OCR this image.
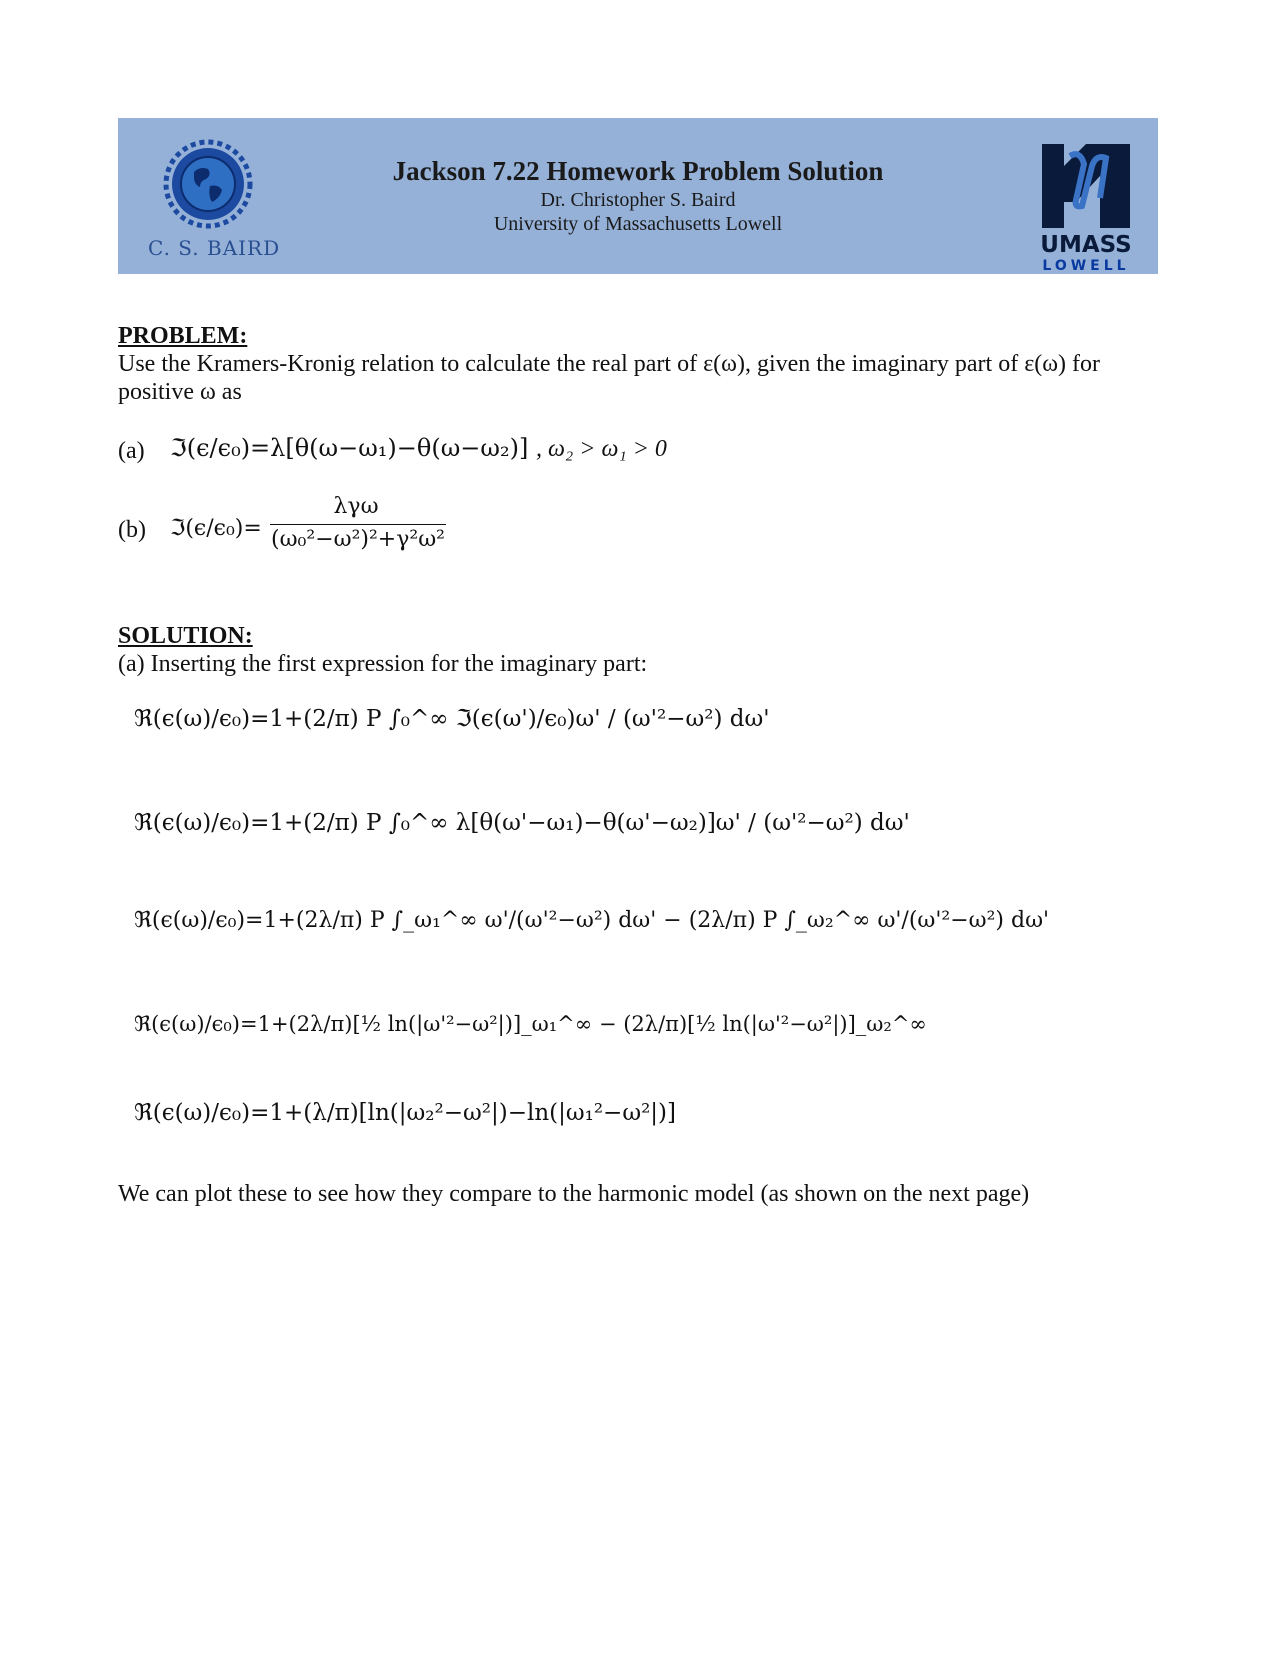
C. S. BAIRD
Jackson 7.22 Homework Problem Solution
Dr. Christopher S. Baird
University of Massachusetts Lowell
UMASS
LOWELL
PROBLEM:
Use the Kramers-Kronig relation to calculate the real part of ε(ω), given the imaginary part of ε(ω) for
positive ω as
(a) ℑ(ϵ/ϵ₀)=λ[θ(ω−ω₁)−θ(ω−ω₂)] , ω₂ > ω₁ > 0
(b) ℑ(ϵ/ϵ₀)=
λγω
(ω₀²−ω²)²+γ²ω²
SOLUTION:
(a) Inserting the first expression for the imaginary part:
ℜ(ϵ(ω)/ϵ₀)=1+(2/π) P ∫₀^∞ ℑ(ϵ(ω')/ϵ₀)ω' / (ω'²−ω²) dω'
ℜ(ϵ(ω)/ϵ₀)=1+(2/π) P ∫₀^∞ λ[θ(ω'−ω₁)−θ(ω'−ω₂)]ω' / (ω'²−ω²) dω'
ℜ(ϵ(ω)/ϵ₀)=1+(2λ/π) P ∫_ω₁^∞ ω'/(ω'²−ω²) dω' − (2λ/π) P ∫_ω₂^∞ ω'/(ω'²−ω²) dω'
ℜ(ϵ(ω)/ϵ₀)=1+(2λ/π)[½ ln(|ω'²−ω²|)]_ω₁^∞ − (2λ/π)[½ ln(|ω'²−ω²|)]_ω₂^∞
ℜ(ϵ(ω)/ϵ₀)=1+(λ/π)[ln(|ω₂²−ω²|)−ln(|ω₁²−ω²|)]
We can plot these to see how they compare to the harmonic model (as shown on the next page)
